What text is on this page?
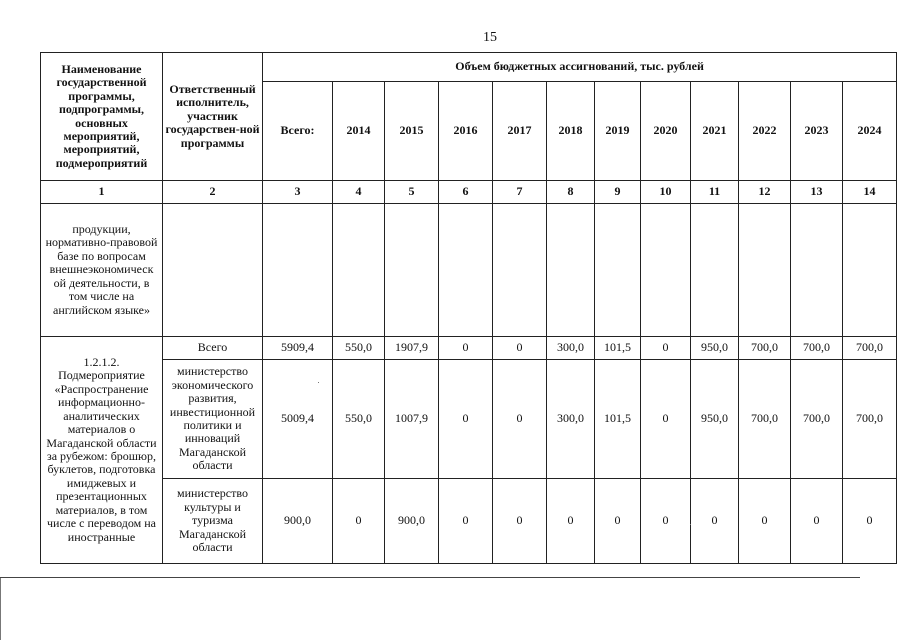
15
Наименование государственной программы, подпрограммы, основных мероприятий, мероприятий, подмероприятий	Ответственный исполнитель, участник государствен-ной программы	Объем бюджетных ассигнований, тыс. рублей											
		Всего:	2014	2015	2016	2017	2018	2019	2020	2021	2022	2023	2024
1	2	3	4	5	6	7	8	9	10	11	12	13	14
продукции, нормативно-правовой базе по вопросам внешнеэкономическ ой деятельности, в том числе на английском языке»													
1.2.1.2. Подмероприятие «Распространение информационно-аналитических материалов о Магаданской области за рубежом: брошюр, буклетов, подготовка имиджевых и презентационных материалов, в том числе с переводом на иностранные	Всего	5909,4	550,0	1907,9	0	0	300,0	101,5	0	950,0	700,0	700,0	700,0
	министерство экономического развития, инвестиционной политики и инноваций Магаданской области	5009,4	550,0	1007,9	0	0	300,0	101,5	0	950,0	700,0	700,0	700,0
	министерство культуры и туризма Магаданской области	900,0	0	900,0	0	0	0	0	0	0	0	0	0
